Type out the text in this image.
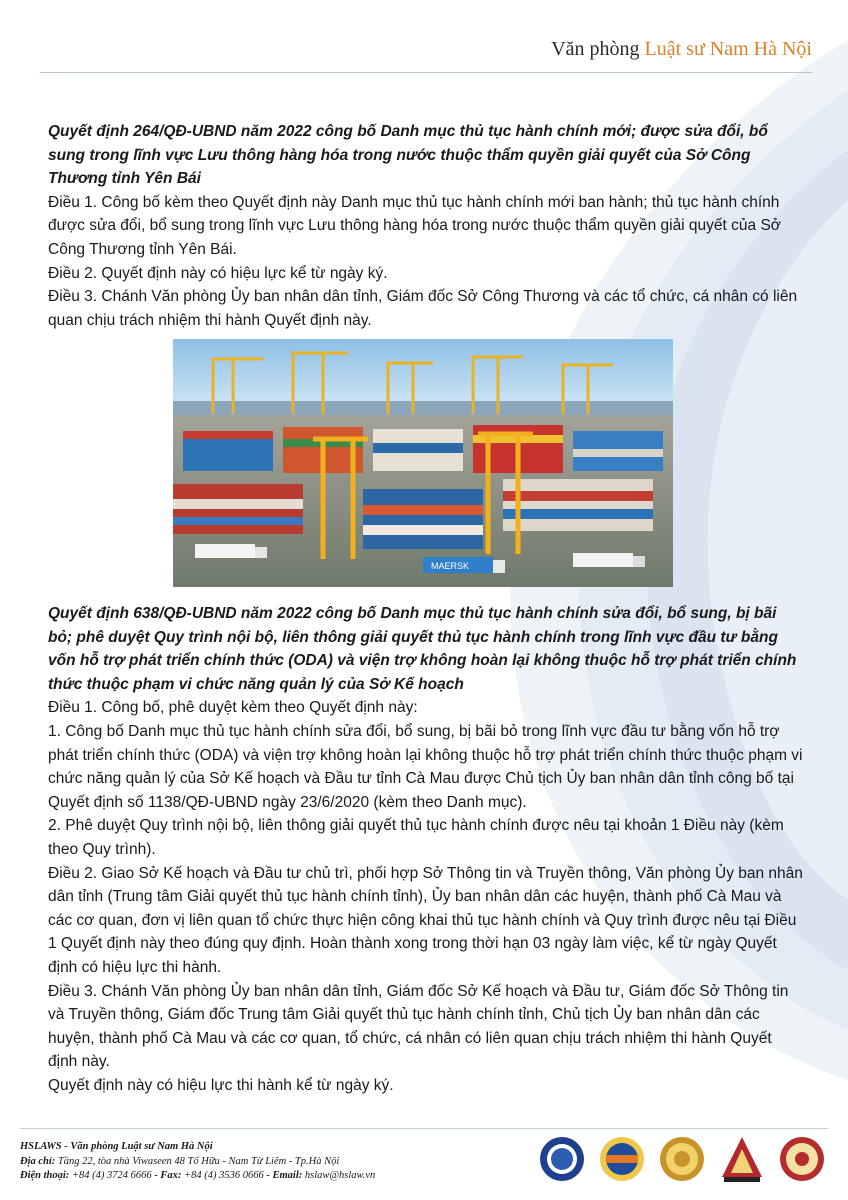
Văn phòng Luật sư Nam Hà Nội

Quyết định 264/QĐ-UBND năm 2022 công bố Danh mục thủ tục hành chính mới; được sửa đổi, bổ sung trong lĩnh vực Lưu thông hàng hóa trong nước thuộc thẩm quyền giải quyết của Sở Công Thương tỉnh Yên Bái

Điều 1. Công bố kèm theo Quyết định này Danh mục thủ tục hành chính mới ban hành; thủ tục hành chính được sửa đổi, bổ sung trong lĩnh vực Lưu thông hàng hóa trong nước thuộc thẩm quyền giải quyết của Sở Công Thương tỉnh Yên Bái.

Điều 2. Quyết định này có hiệu lực kể từ ngày ký.

Điều 3. Chánh Văn phòng Ủy ban nhân dân tỉnh, Giám đốc Sở Công Thương và các tổ chức, cá nhân có liên quan chịu trách nhiệm thi hành Quyết định này.

MAERSK

Quyết định 638/QĐ-UBND năm 2022 công bố Danh mục thủ tục hành chính sửa đổi, bổ sung, bị bãi bỏ; phê duyệt Quy trình nội bộ, liên thông giải quyết thủ tục hành chính trong lĩnh vực đầu tư bằng vốn hỗ trợ phát triển chính thức (ODA) và viện trợ không hoàn lại không thuộc hỗ trợ phát triển chính thức thuộc phạm vi chức năng quản lý của Sở Kế hoạch

Điều 1. Công bố, phê duyệt kèm theo Quyết định này:

1. Công bố Danh mục thủ tục hành chính sửa đổi, bổ sung, bị bãi bỏ trong lĩnh vực đầu tư bằng vốn hỗ trợ phát triển chính thức (ODA) và viện trợ không hoàn lại không thuộc hỗ trợ phát triển chính thức thuộc phạm vi chức năng quản lý của Sở Kế hoạch và Đầu tư tỉnh Cà Mau được Chủ tịch Ủy ban nhân dân tỉnh công bố tại Quyết định số 1138/QĐ-UBND ngày 23/6/2020 (kèm theo Danh mục).

2. Phê duyệt Quy trình nội bộ, liên thông giải quyết thủ tục hành chính được nêu tại khoản 1 Điều này (kèm theo Quy trình).

Điều 2. Giao Sở Kế hoạch và Đầu tư chủ trì, phối hợp Sở Thông tin và Truyền thông, Văn phòng Ủy ban nhân dân tỉnh (Trung tâm Giải quyết thủ tục hành chính tỉnh), Ủy ban nhân dân các huyện, thành phố Cà Mau và các cơ quan, đơn vị liên quan tổ chức thực hiện công khai thủ tục hành chính và Quy trình được nêu tại Điều 1 Quyết định này theo đúng quy định. Hoàn thành xong trong thời hạn 03 ngày làm việc, kể từ ngày Quyết định có hiệu lực thi hành.

Điều 3. Chánh Văn phòng Ủy ban nhân dân tỉnh, Giám đốc Sở Kế hoạch và Đầu tư, Giám đốc Sở Thông tin và Truyền thông, Giám đốc Trung tâm Giải quyết thủ tục hành chính tỉnh, Chủ tịch Ủy ban nhân dân các huyện, thành phố Cà Mau và các cơ quan, tổ chức, cá nhân có liên quan chịu trách nhiệm thi hành Quyết định này.

Quyết định này có hiệu lực thi hành kể từ ngày ký.

HSLAWS - Văn phòng Luật sư Nam Hà Nội
Địa chỉ: Tầng 22, tòa nhà Viwaseen 48 Tố Hữu - Nam Từ Liêm - Tp.Hà Nội
Điện thoại: +84 (4) 3724 6666 - Fax: +84 (4) 3536 0666 - Email: hslaw@hslaw.vn
